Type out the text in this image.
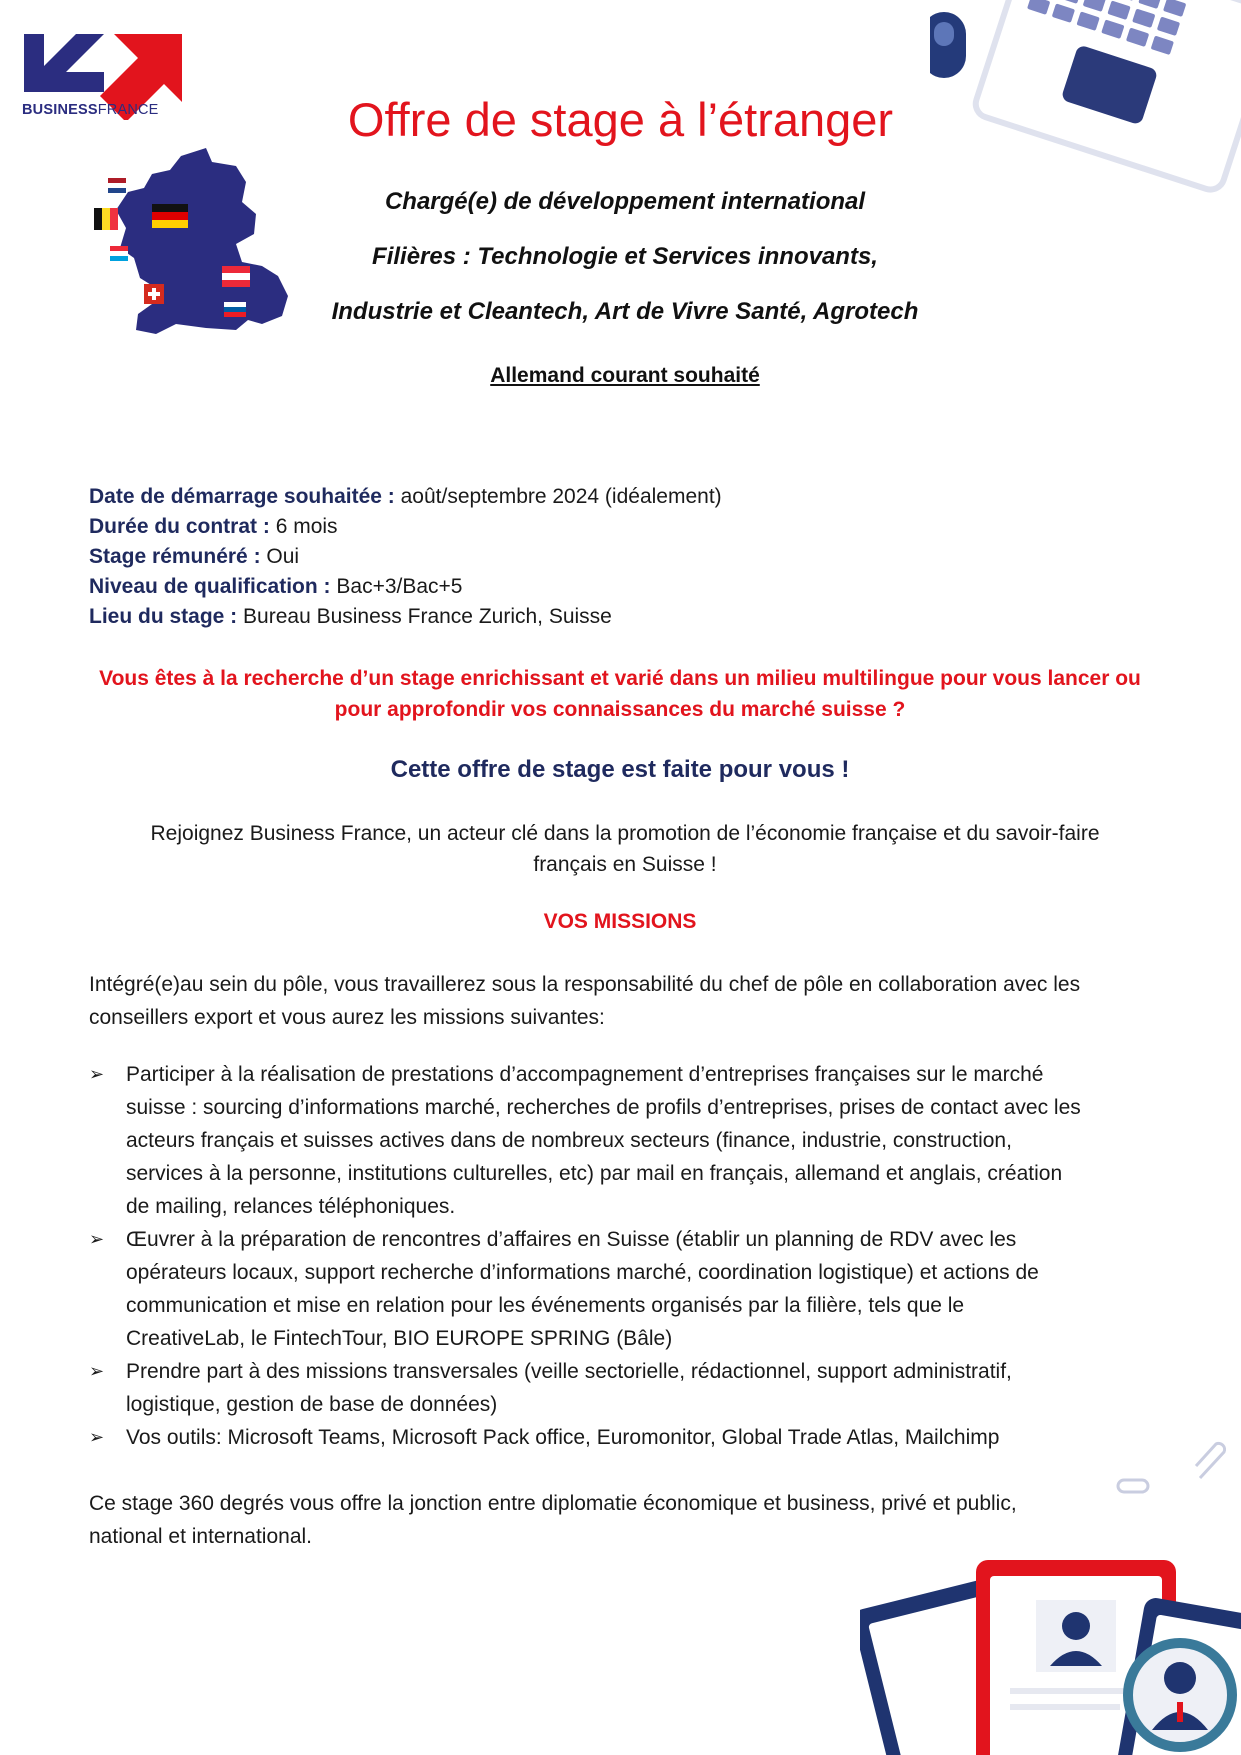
BUSINESSFRANCE	Offre de stage à l’étranger
Chargé(e) de développement international
Filières : Technologie et Services innovants,
Industrie et Cleantech, Art de Vivre Santé, Agrotech
Allemand courant souhaité
Date de démarrage souhaitée : août/septembre 2024 (idéalement)
Durée du contrat : 6 mois
Stage rémunéré : Oui
Niveau de qualification : Bac+3/Bac+5
Lieu du stage : Bureau Business France Zurich, Suisse
Vous êtes à la recherche d’un stage enrichissant et varié dans un milieu multilingue pour vous lancer ou
pour approfondir vos connaissances du marché suisse ?
Cette offre de stage est faite pour vous !
Rejoignez Business France, un acteur clé dans la promotion de l’économie française et du savoir-faire
français en Suisse !
VOS MISSIONS
Intégré(e)au sein du pôle, vous travaillerez sous la responsabilité du chef de pôle en collaboration avec les
conseillers export et vous aurez les missions suivantes:
➢ Participer à la réalisation de prestations d’accompagnement d’entreprises françaises sur le marché
suisse : sourcing d’informations marché, recherches de profils d’entreprises, prises de contact avec les
acteurs français et suisses actives dans de nombreux secteurs (finance, industrie, construction,
services à la personne, institutions culturelles, etc) par mail en français, allemand et anglais, création
de mailing, relances téléphoniques.
➢ Œuvrer à la préparation de rencontres d’affaires en Suisse (établir un planning de RDV avec les
opérateurs locaux, support recherche d’informations marché, coordination logistique) et actions de
communication et mise en relation pour les événements organisés par la filière, tels que le
CreativeLab, le FintechTour, BIO EUROPE SPRING (Bâle)
➢ Prendre part à des missions transversales (veille sectorielle, rédactionnel, support administratif,
logistique, gestion de base de données)
➢ Vos outils: Microsoft Teams, Microsoft Pack office, Euromonitor, Global Trade Atlas, Mailchimp
Ce stage 360 degrés vous offre la jonction entre diplomatie économique et business, privé et public,
national et international.
